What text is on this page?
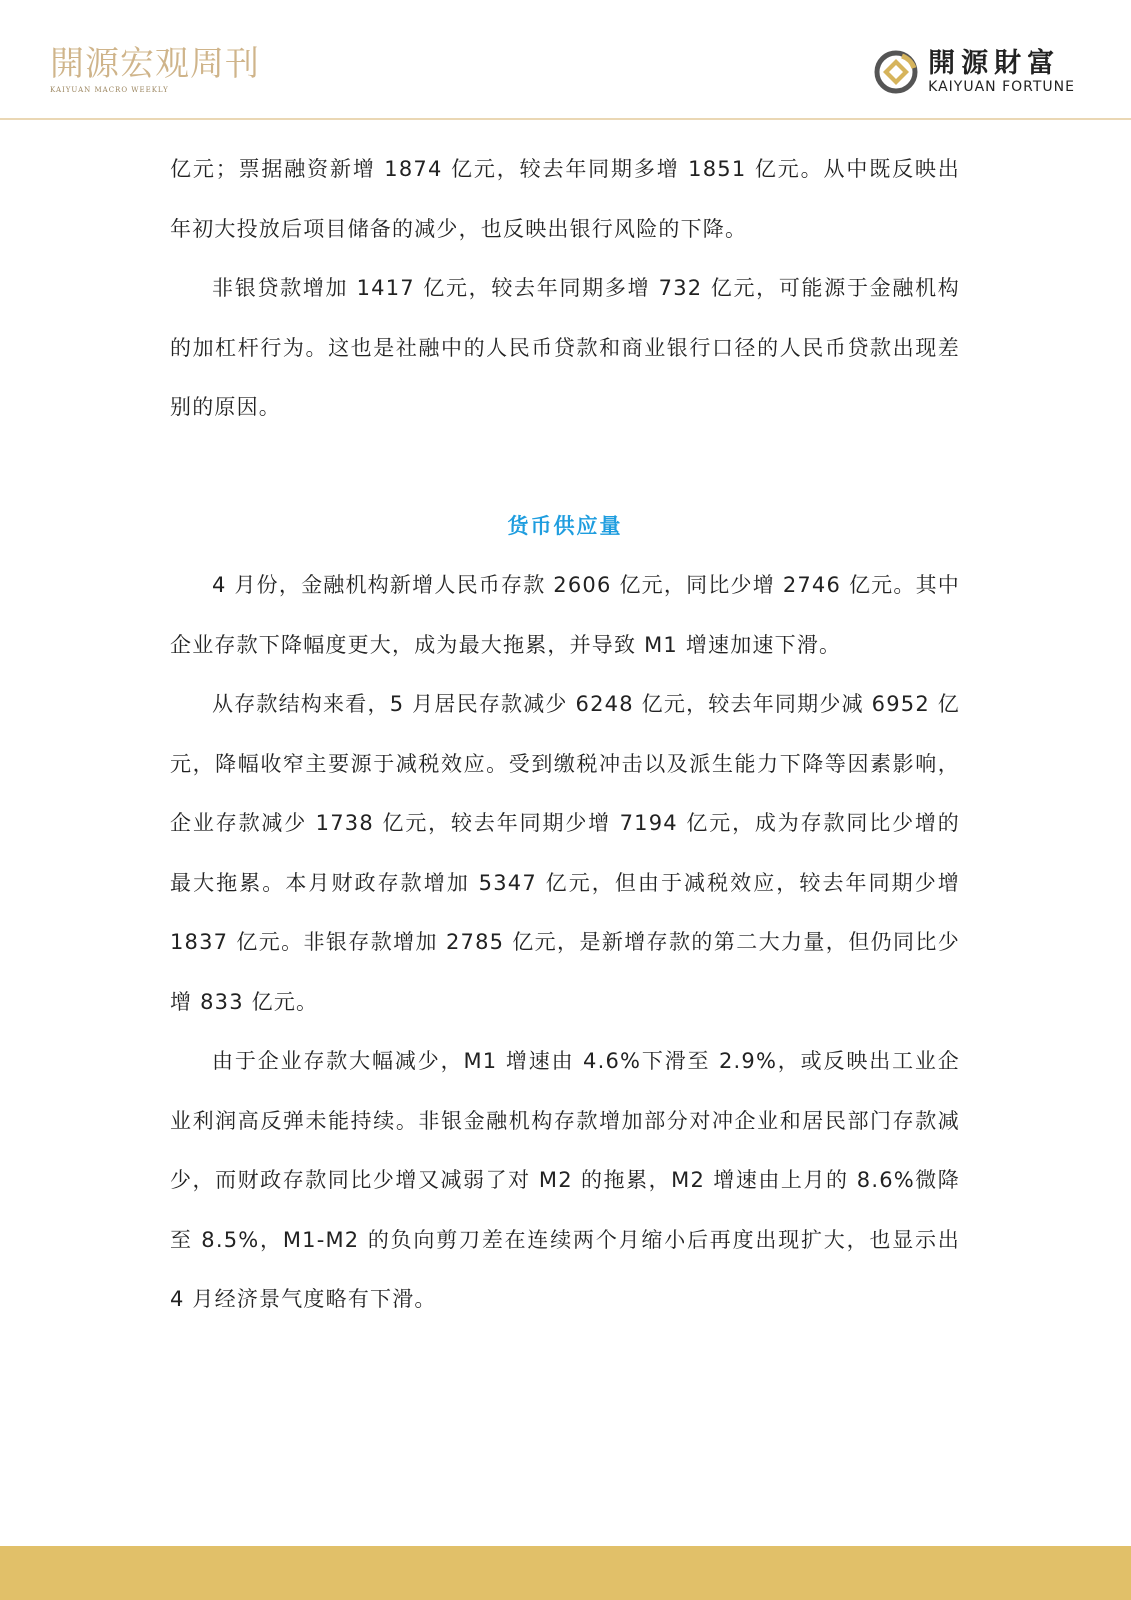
開源宏观周刊
KAIYUAN MACRO WEEKLY
開源財富
KAIYUAN FORTUNE

亿元；票据融资新增 1874 亿元，较去年同期多增 1851 亿元。从中既反映出年初大投放后项目储备的减少，也反映出银行风险的下降。

非银贷款增加 1417 亿元，较去年同期多增 732 亿元，可能源于金融机构的加杠杆行为。这也是社融中的人民币贷款和商业银行口径的人民币贷款出现差别的原因。

货币供应量

4 月份，金融机构新增人民币存款 2606 亿元，同比少增 2746 亿元。其中企业存款下降幅度更大，成为最大拖累，并导致 M1 增速加速下滑。

从存款结构来看，5 月居民存款减少 6248 亿元，较去年同期少减 6952 亿元，降幅收窄主要源于减税效应。受到缴税冲击以及派生能力下降等因素影响，企业存款减少 1738 亿元，较去年同期少增 7194 亿元，成为存款同比少增的最大拖累。本月财政存款增加 5347 亿元，但由于减税效应，较去年同期少增 1837 亿元。非银存款增加 2785 亿元，是新增存款的第二大力量，但仍同比少增 833 亿元。

由于企业存款大幅减少，M1 增速由 4.6%下滑至 2.9%，或反映出工业企业利润高反弹未能持续。非银金融机构存款增加部分对冲企业和居民部门存款减少，而财政存款同比少增又减弱了对 M2 的拖累，M2 增速由上月的 8.6%微降至 8.5%，M1-M2 的负向剪刀差在连续两个月缩小后再度出现扩大，也显示出 4 月经济景气度略有下滑。
